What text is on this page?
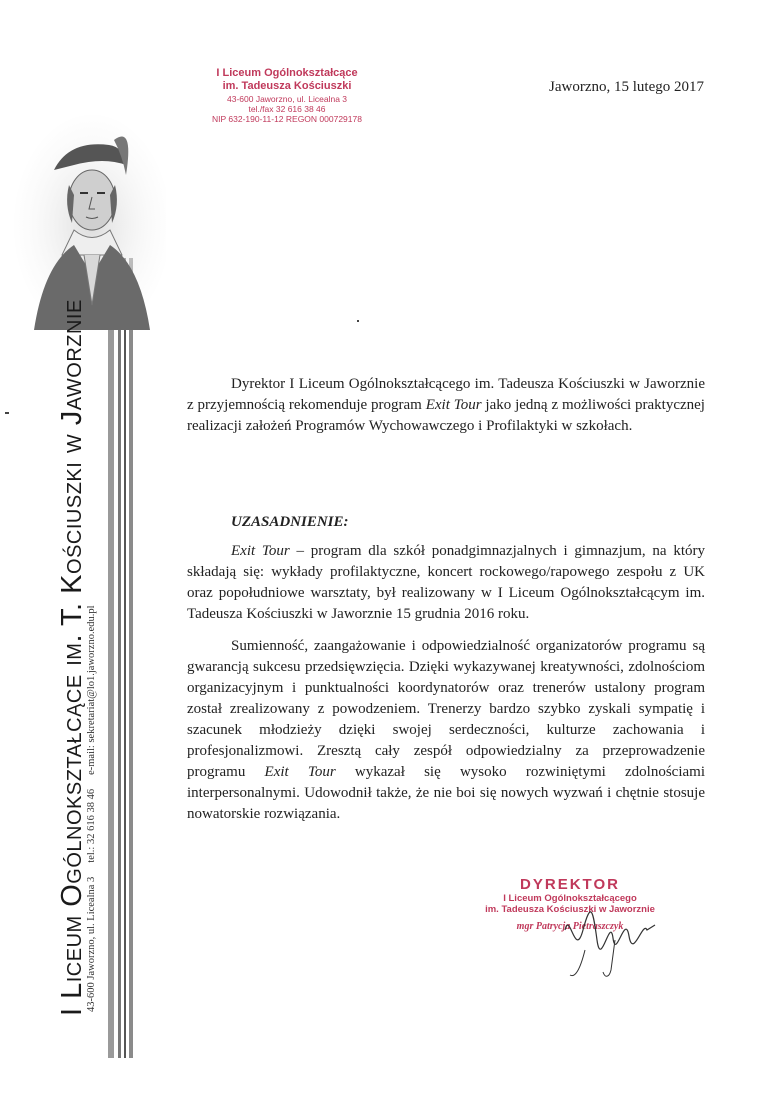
I Liceum Ogólnokształcące im. T. Kościuszki w Jaworznie
43-600 Jaworzno, ul. Licealna 3tel.: 32 616 38 46e-mail: sekretariat@lo1.jaworzno.edu.pl
I Liceum Ogólnokształcące
im. Tadeusza Kościuszki
43-600 Jaworzno, ul. Licealna 3
tel./fax 32 616 38 46
NIP 632-190-11-12 REGON 000729178
Jaworzno, 15 lutego 2017

Dyrektor I Liceum Ogólnokształcącego im. Tadeusza Kościuszki w Jaworznie z przyjemnością rekomenduje program Exit Tour jako jedną z możliwości praktycznej realizacji założeń Programów Wychowawczego i Profilaktyki w szkołach.

UZASADNIENIE:

Exit Tour – program dla szkół ponadgimnazjalnych i gimnazjum, na który składają się: wykłady profilaktyczne, koncert rockowego/rapowego zespołu z UK oraz popołudniowe warsztaty, był realizowany w I Liceum Ogólnokształcącym im. Tadeusza Kościuszki w Jaworznie 15 grudnia 2016 roku.

Sumienność, zaangażowanie i odpowiedzialność organizatorów programu są gwarancją sukcesu przedsięwzięcia. Dzięki wykazywanej kreatywności, zdolnościom organizacyjnym i punktualności koordynatorów oraz trenerów ustalony program został zrealizowany z powodzeniem. Trenerzy bardzo szybko zyskali sympatię i szacunek młodzieży dzięki swojej serdeczności, kulturze zachowania i profesjonalizmowi. Zresztą cały zespół odpowiedzialny za przeprowadzenie programu Exit Tour wykazał się wysoko rozwiniętymi zdolnościami interpersonalnymi. Udowodnił także, że nie boi się nowych wyzwań i chętnie stosuje nowatorskie rozwiązania.

DYREKTOR
I Liceum Ogólnokształcącego
im. Tadeusza Kościuszki w Jaworznie
mgr Patrycja Pietraszczyk
